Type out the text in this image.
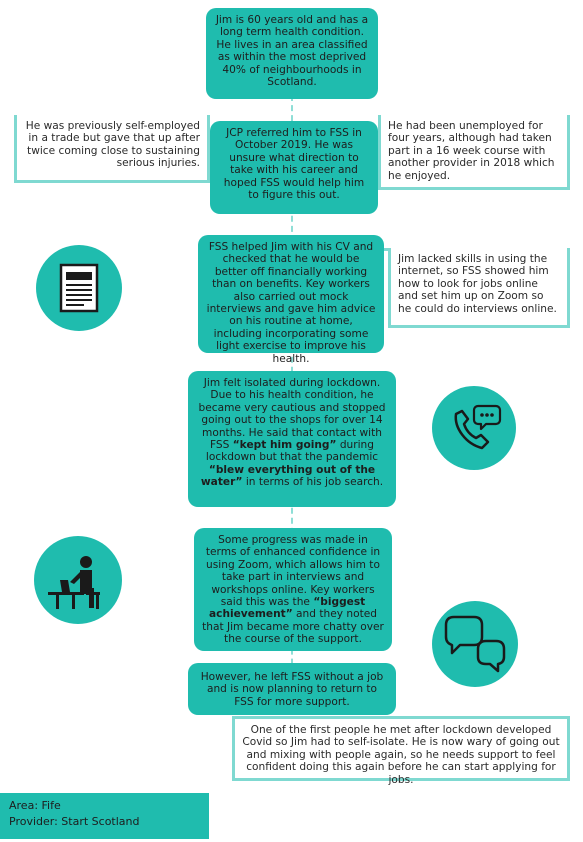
Jim is 60 years old and has a long term health condition. He lives in an area classified as within the most deprived 40% of neighbourhoods in Scotland.
He was previously self-employed in a trade but gave that up after twice coming close to sustaining serious injuries.
JCP referred him to FSS in October 2019. He was unsure what direction to take with his career and hoped FSS would help him to figure this out.
He had been unemployed for four years, although had taken part in a 16 week course with another provider in 2018 which he enjoyed.
FSS helped Jim with his CV and checked that he would be better off financially working than on benefits. Key workers also carried out mock interviews and gave him advice on his routine at home, including incorporating some light exercise to improve his health.
Jim lacked skills in using the internet, so FSS showed him how to look for jobs online and set him up on Zoom so he could do interviews online.
Jim felt isolated during lockdown. Due to his health condition, he became very cautious and stopped going out to the shops for over 14 months. He said that contact with FSS “kept him going” during lockdown but that the pandemic “blew everything out of the water” in terms of his job search.
Some progress was made in terms of enhanced confidence in using Zoom, which allows him to take part in interviews and workshops online. Key workers said this was the “biggest achievement” and they noted that Jim became more chatty over the course of the support.
However, he left FSS without a job and is now planning to return to FSS for more support.
One of the first people he met after lockdown developed Covid so Jim had to self-isolate. He is now wary of going out and mixing with people again, so he needs support to feel confident doing this again before he can start applying for jobs.
Area: Fife
Provider: Start Scotland
